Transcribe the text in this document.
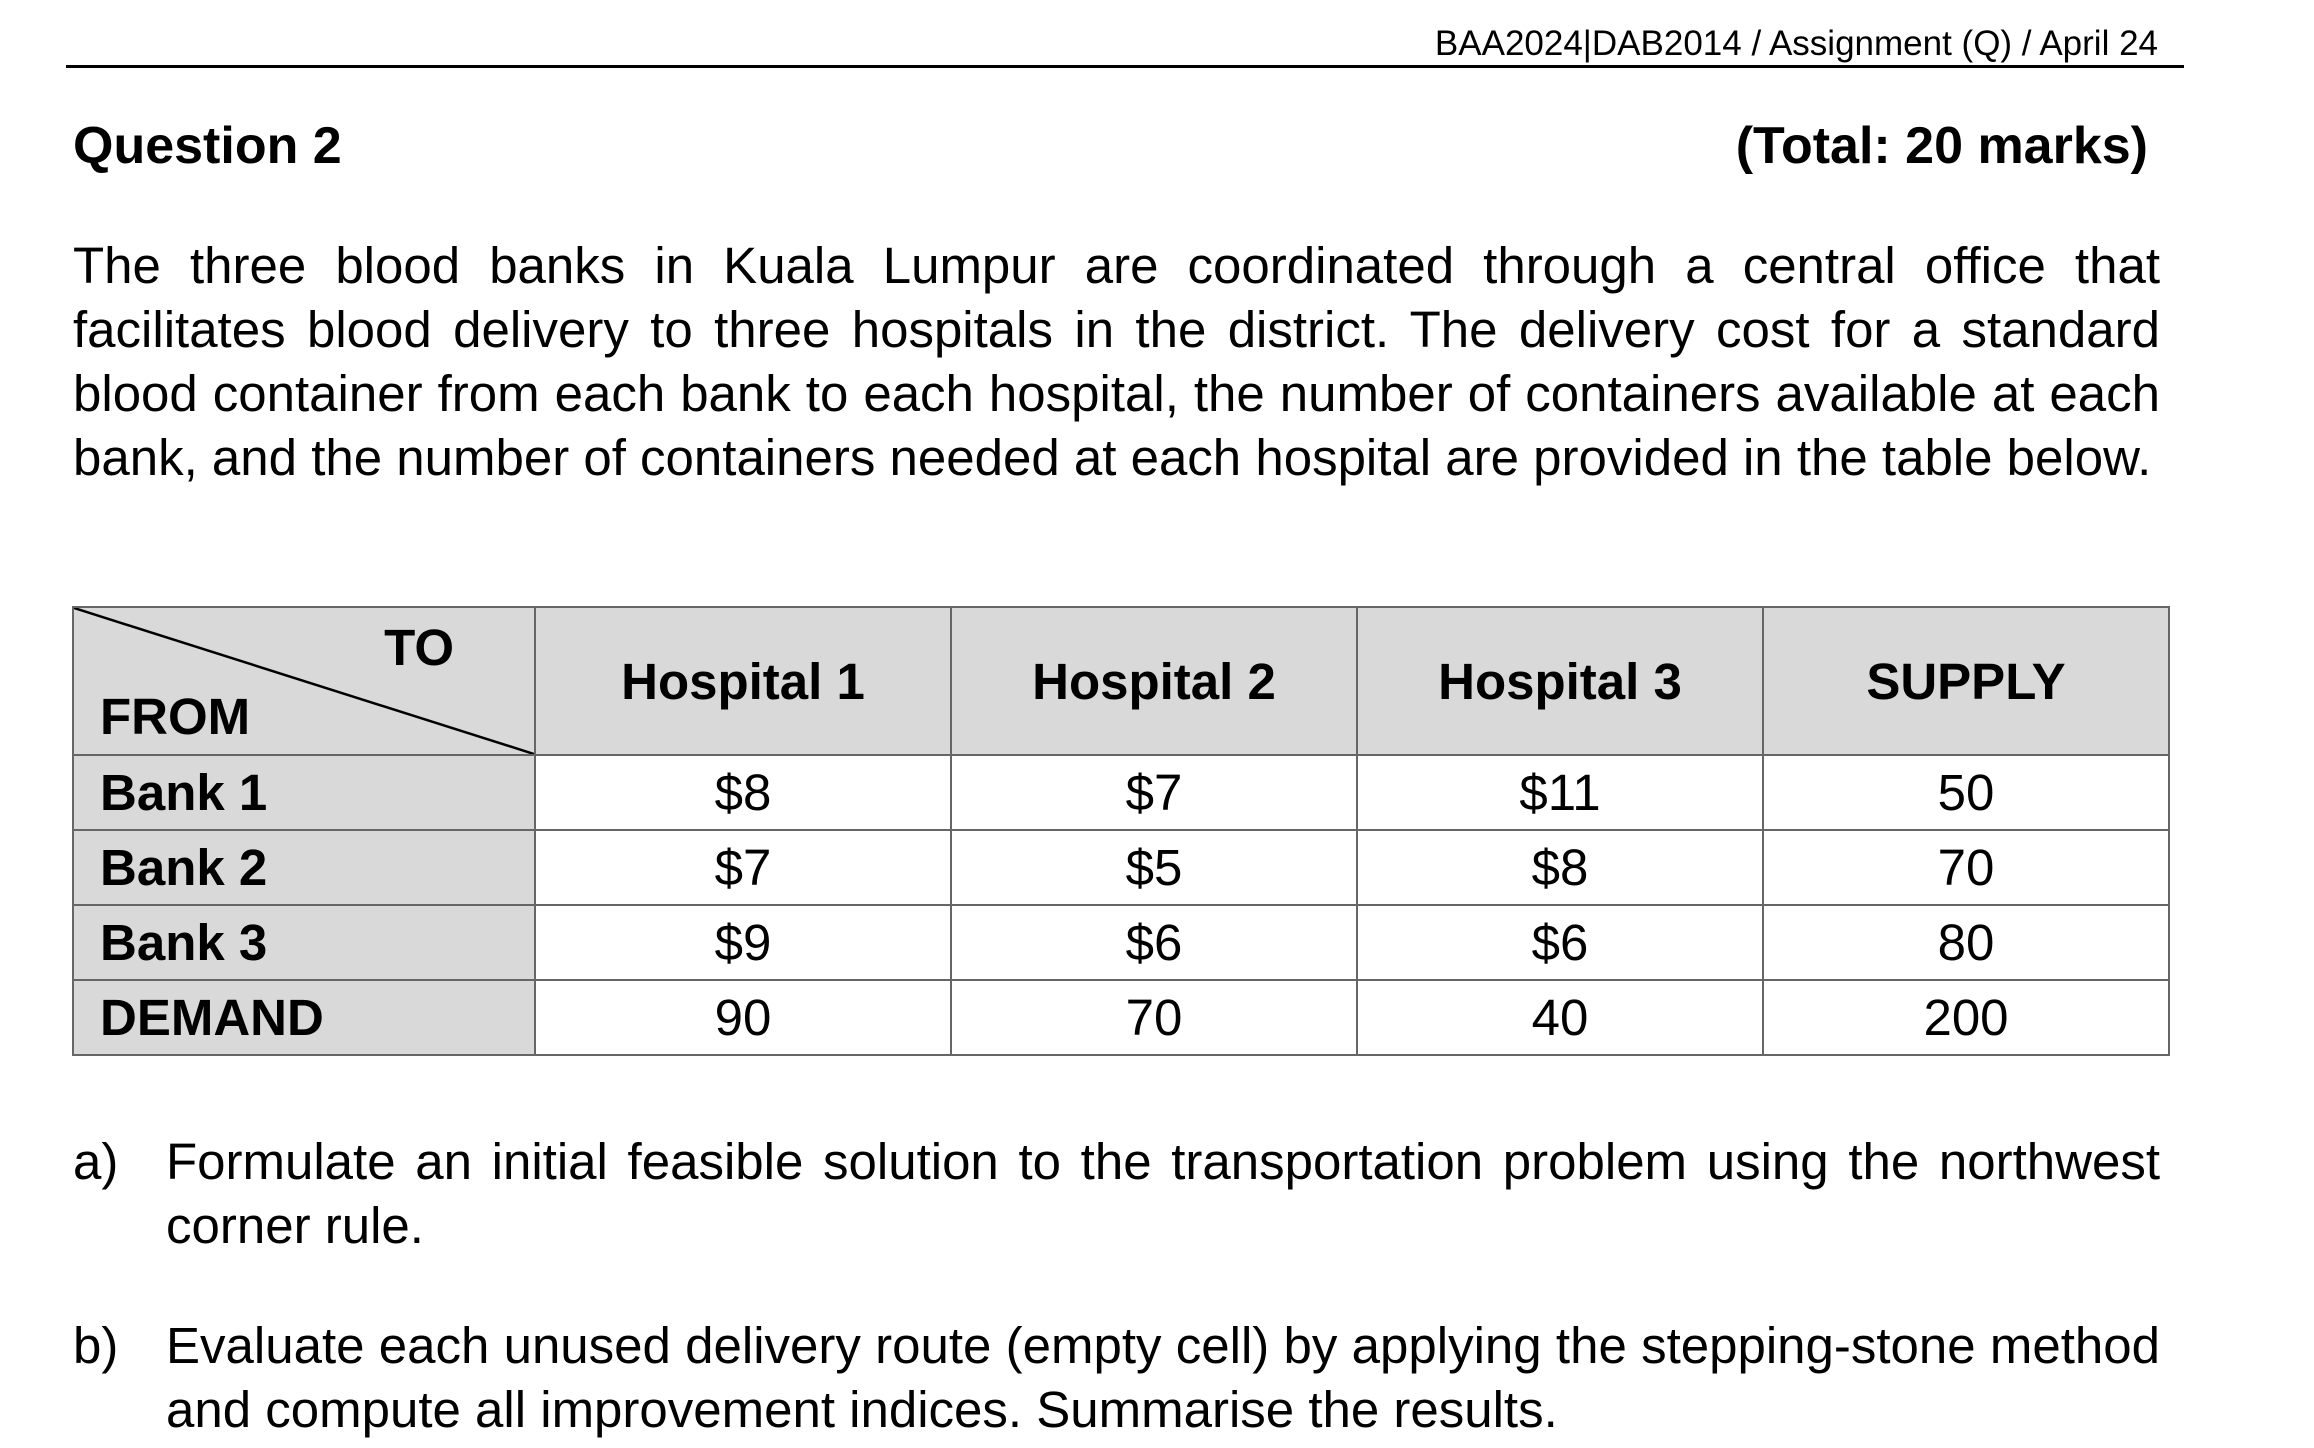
BAA2024|DAB2014 / Assignment (Q) / April 24
Question 2	(Total: 20 marks)

The three blood banks in Kuala Lumpur are coordinated through a central office that facilitates blood delivery to three hospitals in the district. The delivery cost for a standard blood container from each bank to each hospital, the number of containers available at each bank, and the number of containers needed at each hospital are provided in the table below.

TO
FROM	Hospital 1	Hospital 2	Hospital 3	SUPPLY
Bank 1	$8	$7	$11	50
Bank 2	$7	$5	$8	70
Bank 3	$9	$6	$6	80
DEMAND	90	70	40	200
a) Formulate an initial feasible solution to the transportation problem using the northwest corner rule.
b) Evaluate each unused delivery route (empty cell) by applying the stepping-stone method and compute all improvement indices. Summarise the results.
